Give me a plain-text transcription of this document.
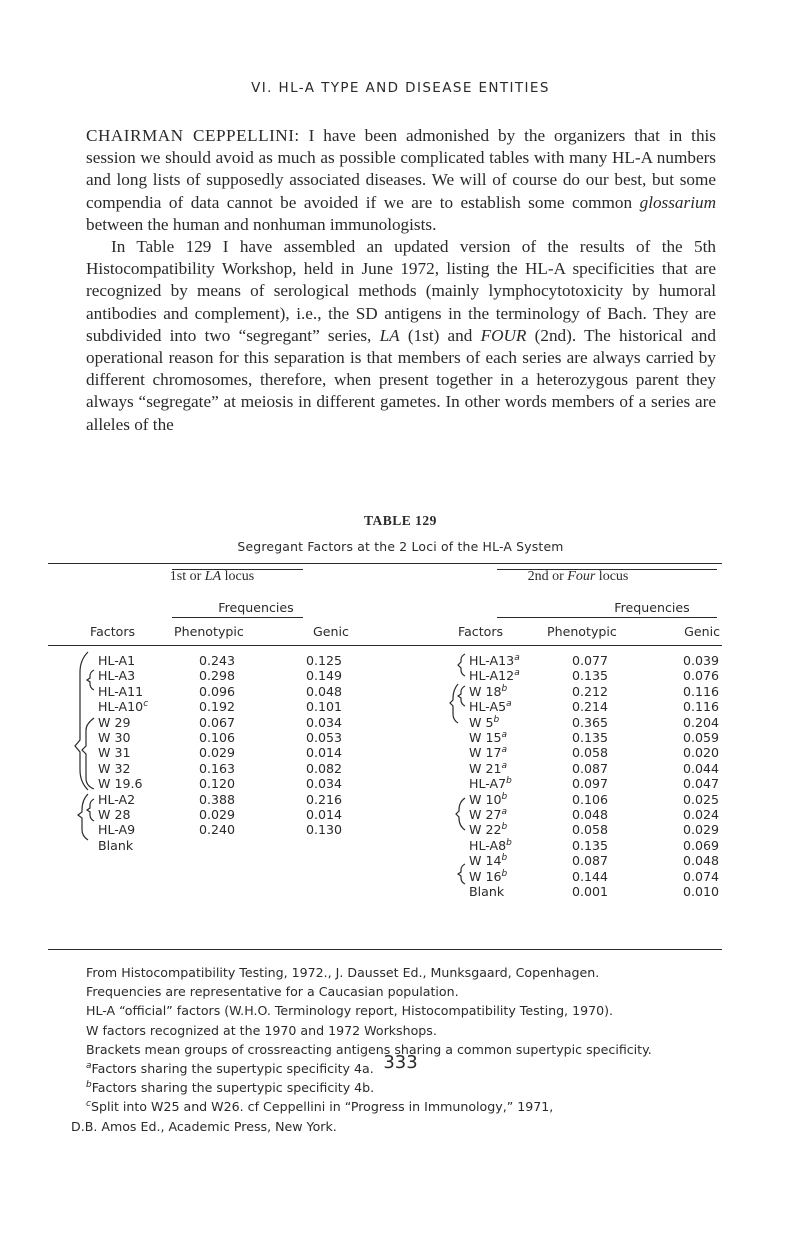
VI. HL-A TYPE AND DISEASE ENTITIES

CHAIRMAN CEPPELLINI: I have been admonished by the organizers that in this session we should avoid as much as possible complicated tables with many HL-A numbers and long lists of supposedly associated diseases. We will of course do our best, but some compendia of data cannot be avoided if we are to establish some common glossarium between the human and nonhuman immunologists.

In Table 129 I have assembled an updated version of the results of the 5th Histocompatibility Workshop, held in June 1972, listing the HL-A specificities that are recognized by means of serological methods (mainly lymphocytotoxicity by humoral antibodies and complement), i.e., the SD antigens in the terminology of Bach. They are subdivided into two “segregant” series, LA (1st) and FOUR (2nd). The historical and operational reason for this separation is that members of each series are always carried by different chromosomes, therefore, when present together in a heterozygous parent they always “segregate” at meiosis in different gametes. In other words members of a series are alleles of the

TABLE 129
Segregant Factors at the 2 Loci of the HL-A System
1st or LA locus	2nd or Four locus
Frequencies	Frequencies
Factors	Phenotypic	Genic	Factors	Phenotypic	Genic
HL-A1	0.243	0.125
HL-A3	0.298	0.149
HL-A11	0.096	0.048
HL-A10$^c$	0.192	0.101
W 29	0.067	0.034
W 30	0.106	0.053
W 31	0.029	0.014
W 32	0.163	0.082
W 19.6	0.120	0.034
HL-A2	0.388	0.216
W 28	0.029	0.014
HL-A9	0.240	0.130
Blank
HL-A13$^a$	0.077	0.039
HL-A12$^a$	0.135	0.076
W 18$^b$	0.212	0.116
HL-A5$^a$	0.214	0.116
W 5$^b$	0.365	0.204
W 15$^a$	0.135	0.059
W 17$^a$	0.058	0.020
W 21$^a$	0.087	0.044
HL-A7$^b$	0.097	0.047
W 10$^b$	0.106	0.025
W 27$^a$	0.048	0.024
W 22$^b$	0.058	0.029
HL-A8$^b$	0.135	0.069
W 14$^b$	0.087	0.048
W 16$^b$	0.144	0.074
Blank	0.001	0.010
From Histocompatibility Testing, 1972., J. Dausset Ed., Munksgaard, Copenhagen.
Frequencies are representative for a Caucasian population.
HL-A “official” factors (W.H.O. Terminology report, Histocompatibility Testing, 1970).
W factors recognized at the 1970 and 1972 Workshops.
Brackets mean groups of crossreacting antigens sharing a common supertypic specificity.
$^a$Factors sharing the supertypic specificity 4a.
$^b$Factors sharing the supertypic specificity 4b.
$^c$Split into W25 and W26. cf Ceppellini in “Progress in Immunology,” 1971,
D.B. Amos Ed., Academic Press, New York.
333
